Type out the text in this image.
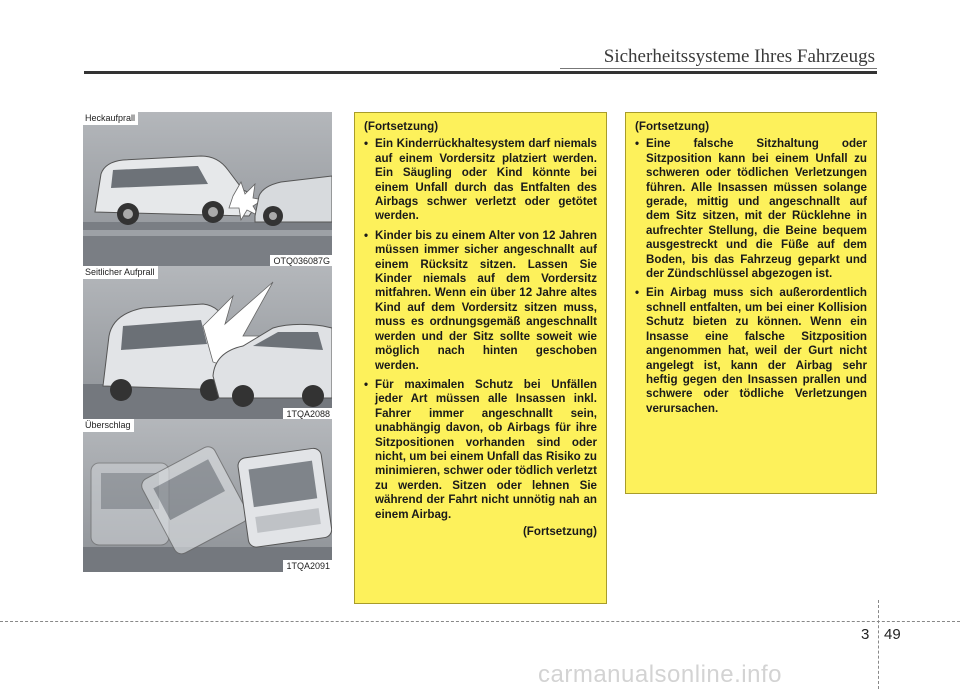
Sicherheitssysteme Ihres Fahrzeugs
Heckaufprall
OTQ036087G
Seitlicher Aufprall
1TQA2088
Überschlag
1TQA2091
(Fortsetzung)
• Ein Kinderrückhaltesystem darf niemals auf einem Vordersitz platziert werden. Ein Säugling oder Kind könnte bei einem Unfall durch das Entfalten des Airbags schwer verletzt oder getötet werden.
• Kinder bis zu einem Alter von 12 Jahren müssen immer sicher angeschnallt auf einem Rücksitz sitzen. Lassen Sie Kinder niemals auf dem Vordersitz mitfahren. Wenn ein über 12 Jahre altes Kind auf dem Vordersitz sitzen muss, muss es ordnungsgemäß angeschnallt werden und der Sitz sollte soweit wie möglich nach hinten geschoben werden.
• Für maximalen Schutz bei Unfällen jeder Art müssen alle Insassen inkl. Fahrer immer angeschnallt sein, unabhängig davon, ob Airbags für ihre Sitzpositionen vorhanden sind oder nicht, um bei einem Unfall das Risiko zu minimieren, schwer oder tödlich verletzt zu werden. Sitzen oder lehnen Sie während der Fahrt nicht unnötig nah an einem Airbag.
(Fortsetzung)
(Fortsetzung)
• Eine falsche Sitzhaltung oder Sitzposition kann bei einem Unfall zu schweren oder tödlichen Verletzungen führen. Alle Insassen müssen solange gerade, mittig und angeschnallt auf dem Sitz sitzen, mit der Rücklehne in aufrechter Stellung, die Beine bequem ausgestreckt und die Füße auf dem Boden, bis das Fahrzeug geparkt und der Zündschlüssel abgezogen ist.
• Ein Airbag muss sich außerordentlich schnell entfalten, um bei einer Kollision Schutz bieten zu können. Wenn ein Insasse eine falsche Sitzposition angenommen hat, weil der Gurt nicht angelegt ist, kann der Airbag sehr heftig gegen den Insassen prallen und schwere oder tödliche Verletzungen verursachen.
3 49
carmanualsonline.info
